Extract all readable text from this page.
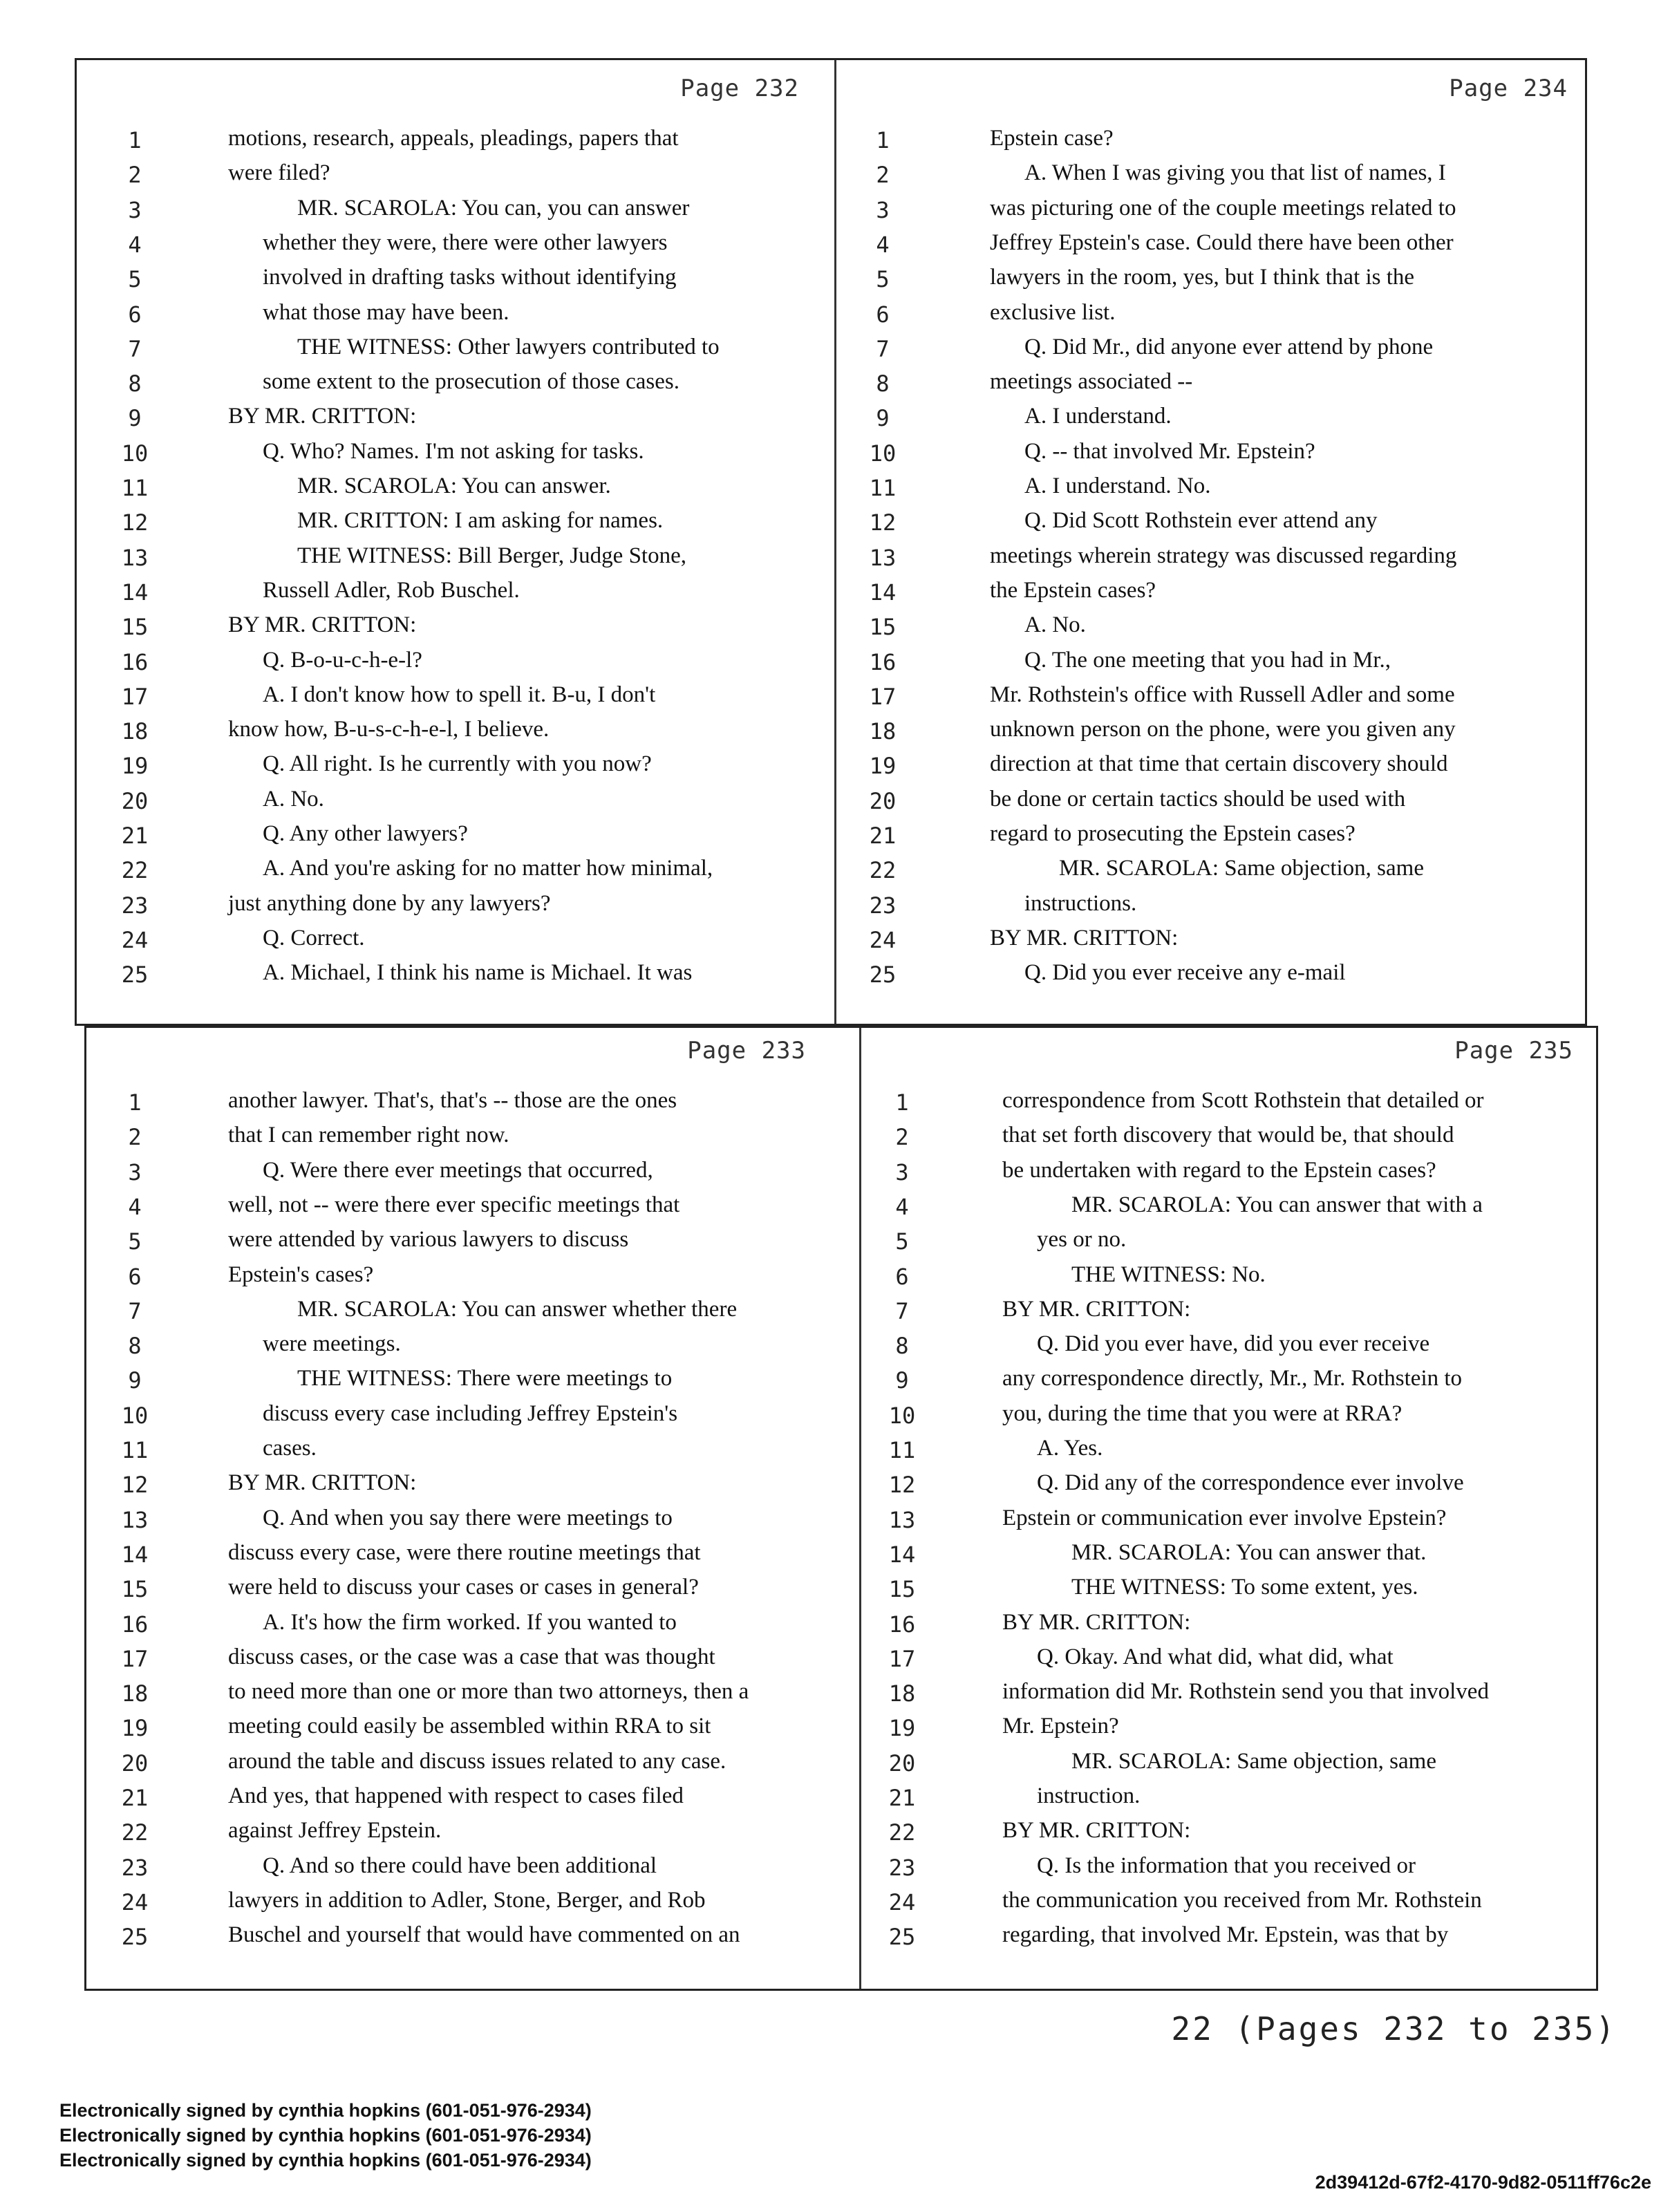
Page 232
1	motions, research, appeals, pleadings, papers that
2	were filed?
3	MR. SCAROLA: You can, you can answer
4	whether they were, there were other lawyers
5	involved in drafting tasks without identifying
6	what those may have been.
7	THE WITNESS: Other lawyers contributed to
8	some extent to the prosecution of those cases.
9	BY MR. CRITTON:
10	Q. Who? Names. I'm not asking for tasks.
11	MR. SCAROLA: You can answer.
12	MR. CRITTON: I am asking for names.
13	THE WITNESS: Bill Berger, Judge Stone,
14	Russell Adler, Rob Buschel.
15	BY MR. CRITTON:
16	Q. B-o-u-c-h-e-l?
17	A. I don't know how to spell it. B-u, I don't
18	know how, B-u-s-c-h-e-l, I believe.
19	Q. All right. Is he currently with you now?
20	A. No.
21	Q. Any other lawyers?
22	A. And you're asking for no matter how minimal,
23	just anything done by any lawyers?
24	Q. Correct.
25	A. Michael, I think his name is Michael. It was
Page 234
1	Epstein case?
2	A. When I was giving you that list of names, I
3	was picturing one of the couple meetings related to
4	Jeffrey Epstein's case. Could there have been other
5	lawyers in the room, yes, but I think that is the
6	exclusive list.
7	Q. Did Mr., did anyone ever attend by phone
8	meetings associated --
9	A. I understand.
10	Q. -- that involved Mr. Epstein?
11	A. I understand. No.
12	Q. Did Scott Rothstein ever attend any
13	meetings wherein strategy was discussed regarding
14	the Epstein cases?
15	A. No.
16	Q. The one meeting that you had in Mr.,
17	Mr. Rothstein's office with Russell Adler and some
18	unknown person on the phone, were you given any
19	direction at that time that certain discovery should
20	be done or certain tactics should be used with
21	regard to prosecuting the Epstein cases?
22	MR. SCAROLA: Same objection, same
23	instructions.
24	BY MR. CRITTON:
25	Q. Did you ever receive any e-mail
Page 233
1	another lawyer. That's, that's -- those are the ones
2	that I can remember right now.
3	Q. Were there ever meetings that occurred,
4	well, not -- were there ever specific meetings that
5	were attended by various lawyers to discuss
6	Epstein's cases?
7	MR. SCAROLA: You can answer whether there
8	were meetings.
9	THE WITNESS: There were meetings to
10	discuss every case including Jeffrey Epstein's
11	cases.
12	BY MR. CRITTON:
13	Q. And when you say there were meetings to
14	discuss every case, were there routine meetings that
15	were held to discuss your cases or cases in general?
16	A. It's how the firm worked. If you wanted to
17	discuss cases, or the case was a case that was thought
18	to need more than one or more than two attorneys, then a
19	meeting could easily be assembled within RRA to sit
20	around the table and discuss issues related to any case.
21	And yes, that happened with respect to cases filed
22	against Jeffrey Epstein.
23	Q. And so there could have been additional
24	lawyers in addition to Adler, Stone, Berger, and Rob
25	Buschel and yourself that would have commented on an
Page 235
1	correspondence from Scott Rothstein that detailed or
2	that set forth discovery that would be, that should
3	be undertaken with regard to the Epstein cases?
4	MR. SCAROLA: You can answer that with a
5	yes or no.
6	THE WITNESS: No.
7	BY MR. CRITTON:
8	Q. Did you ever have, did you ever receive
9	any correspondence directly, Mr., Mr. Rothstein to
10	you, during the time that you were at RRA?
11	A. Yes.
12	Q. Did any of the correspondence ever involve
13	Epstein or communication ever involve Epstein?
14	MR. SCAROLA: You can answer that.
15	THE WITNESS: To some extent, yes.
16	BY MR. CRITTON:
17	Q. Okay. And what did, what did, what
18	information did Mr. Rothstein send you that involved
19	Mr. Epstein?
20	MR. SCAROLA: Same objection, same
21	instruction.
22	BY MR. CRITTON:
23	Q. Is the information that you received or
24	the communication you received from Mr. Rothstein
25	regarding, that involved Mr. Epstein, was that by
22 (Pages 232 to 235)
Electronically signed by cynthia hopkins (601-051-976-2934)
Electronically signed by cynthia hopkins (601-051-976-2934)
Electronically signed by cynthia hopkins (601-051-976-2934)
2d39412d-67f2-4170-9d82-0511ff76c2e
